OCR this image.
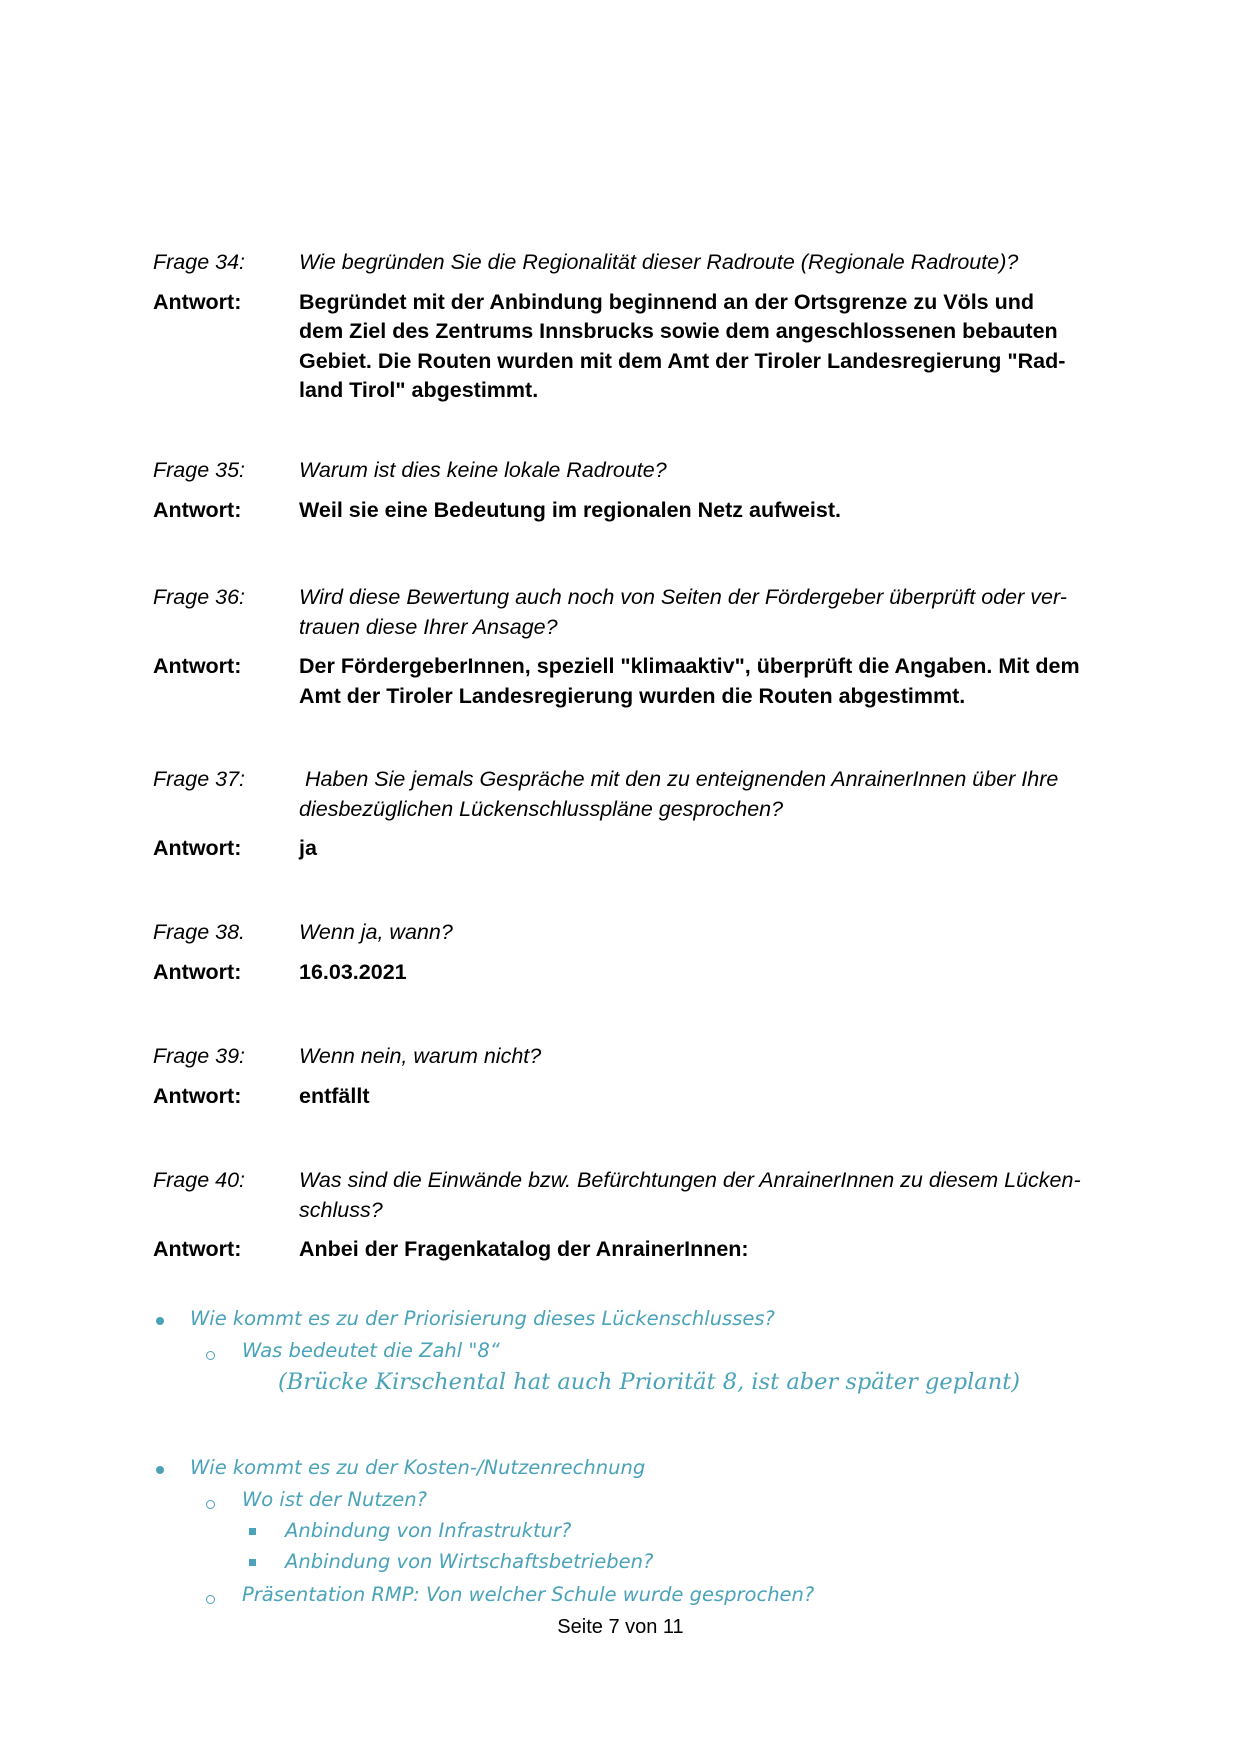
Frage 34:	Wie begründen Sie die Regionalität dieser Radroute (Regionale Radroute)?
Antwort:	Begründet mit der Anbindung beginnend an der Ortsgrenze zu Völs und
dem Ziel des Zentrums Innsbrucks sowie dem angeschlossenen bebauten
Gebiet. Die Routen wurden mit dem Amt der Tiroler Landesregierung "Rad-
land Tirol" abgestimmt.
Frage 35:	Warum ist dies keine lokale Radroute?
Antwort:	Weil sie eine Bedeutung im regionalen Netz aufweist.
Frage 36:	Wird diese Bewertung auch noch von Seiten der Fördergeber überprüft oder ver-
trauen diese Ihrer Ansage?
Antwort:	Der FördergeberInnen, speziell "klimaaktiv", überprüft die Angaben. Mit dem
Amt der Tiroler Landesregierung wurden die Routen abgestimmt.
Frage 37:	Haben Sie jemals Gespräche mit den zu enteignenden AnrainerInnen über Ihre
diesbezüglichen Lückenschlusspläne gesprochen?
Antwort:	ja
Frage 38.	Wenn ja, wann?
Antwort:	16.03.2021
Frage 39:	Wenn nein, warum nicht?
Antwort:	entfällt
Frage 40:	Was sind die Einwände bzw. Befürchtungen der AnrainerInnen zu diesem Lücken-
schluss?
Antwort:	Anbei der Fragenkatalog der AnrainerInnen:
Wie kommt es zu der Priorisierung dieses Lückenschlusses?
Was bedeutet die Zahl "8“
(Brücke Kirschental hat auch Priorität 8, ist aber später geplant)
Wie kommt es zu der Kosten-/Nutzenrechnung
Wo ist der Nutzen?
Anbindung von Infrastruktur?
Anbindung von Wirtschaftsbetrieben?
Präsentation RMP: Von welcher Schule wurde gesprochen?
Seite 7 von 11
